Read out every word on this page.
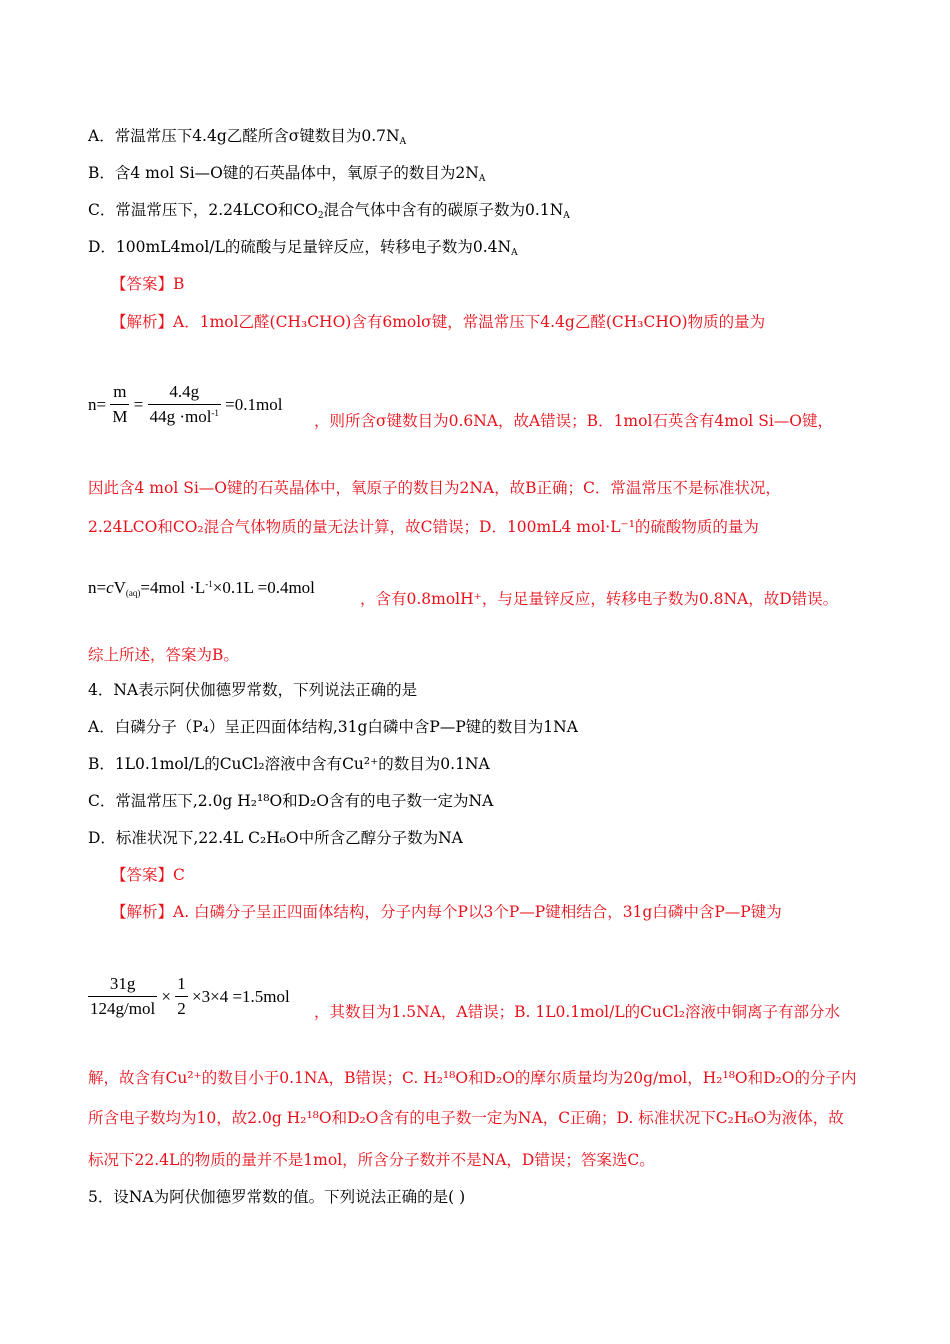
A．常温常压下4.4g乙醛所含σ键数目为$0.7N_A$
B．含4 mol Si—O键的石英晶体中，氧原子的数目为$2N_A$
C．常温常压下，2.24LCO和$CO_2$混合气体中含有的碳原子数为$0.1N_A$
D．100mL4mol/L的硫酸与足量锌反应，转移电子数为$0.4N_A$
【答案】B
【解析】A．1mol乙醛(CH₃CHO)含有6molσ键，常温常压下4.4g乙醛(CH₃CHO)物质的量为
$n= \frac{m}{M} = \frac{4.4g}{44g \cdot mol^{-1}} =0.1mol$
，则所含σ键数目为0.6NA，故A错误；B．1mol石英含有4mol Si—O键，
因此含4 mol Si—O键的石英晶体中，氧原子的数目为2NA，故B正确；C．常温常压不是标准状况，
2.24LCO和CO₂混合气体物质的量无法计算，故C错误；D．100mL4 mol·L⁻¹的硫酸物质的量为
$n=cV_{(aq)}=4mol \cdot L^{-1}\times 0.1L =0.4mol$
，含有0.8molH⁺，与足量锌反应，转移电子数为0.8NA，故D错误。
综上所述，答案为B。
4．NA表示阿伏伽德罗常数，下列说法正确的是
A．白磷分子（P₄）呈正四面体结构,31g白磷中含P—P键的数目为1NA
B．1L0.1mol/L的CuCl₂溶液中含有Cu²⁺的数目为0.1NA
C．常温常压下,2.0g H₂¹⁸O和D₂O含有的电子数一定为NA
D．标准状况下,22.4L C₂H₆O中所含乙醇分子数为NA
【答案】C
【解析】A. 白磷分子呈正四面体结构，分子内每个P以3个P—P键相结合，31g白磷中含P—P键为
$\frac{31g}{\text{124g/mol}} \times \frac{1}{2} \times 3\times 4 =1.5mol$
，其数目为1.5NA，A错误；B. 1L0.1mol/L的CuCl₂溶液中铜离子有部分水
解，故含有Cu²⁺的数目小于0.1NA，B错误；C. H₂¹⁸O和D₂O的摩尔质量均为20g/mol，H₂¹⁸O和D₂O的分子内
所含电子数均为10，故2.0g H₂¹⁸O和D₂O含有的电子数一定为NA，C正确；D. 标准状况下C₂H₆O为液体，故
标况下22.4L的物质的量并不是1mol，所含分子数并不是NA，D错误；答案选C。
5．设NA为阿伏伽德罗常数的值。下列说法正确的是( )
